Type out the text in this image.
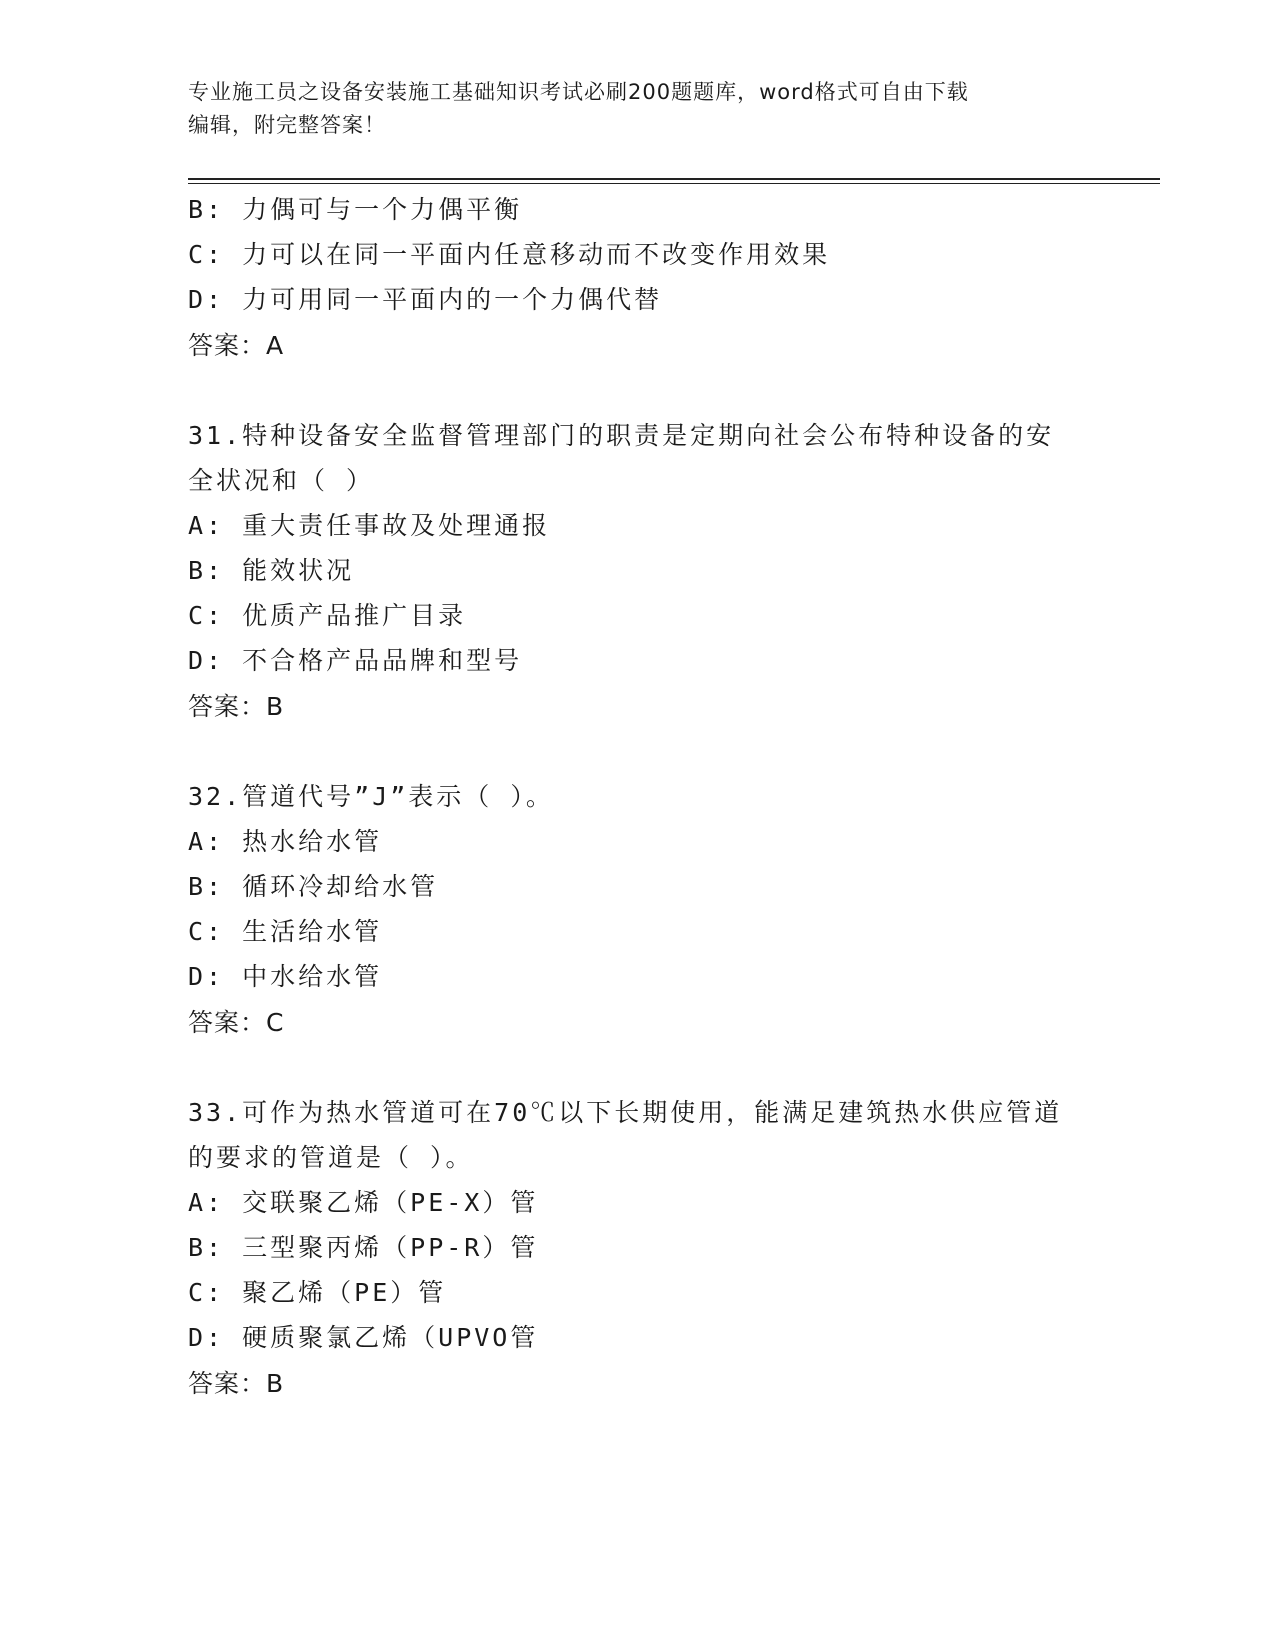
专业施工员之设备安装施工基础知识考试必刷200题题库，word格式可自由下载
编辑，附完整答案！
B: 力偶可与一个力偶平衡
C: 力可以在同一平面内任意移动而不改变作用效果
D: 力可用同一平面内的一个力偶代替
答案：A
31.特种设备安全监督管理部门的职责是定期向社会公布特种设备的安
全状况和（ ）
A: 重大责任事故及处理通报
B: 能效状况
C: 优质产品推广目录
D: 不合格产品品牌和型号
答案：B
32.管道代号”J”表示（ ）。
A: 热水给水管
B: 循环冷却给水管
C: 生活给水管
D: 中水给水管
答案：C
33.可作为热水管道可在70℃以下长期使用，能满足建筑热水供应管道
的要求的管道是（ ）。
A: 交联聚乙烯（PE-X）管
B: 三型聚丙烯（PP-R）管
C: 聚乙烯（PE）管
D: 硬质聚氯乙烯（UPVO管
答案：B
